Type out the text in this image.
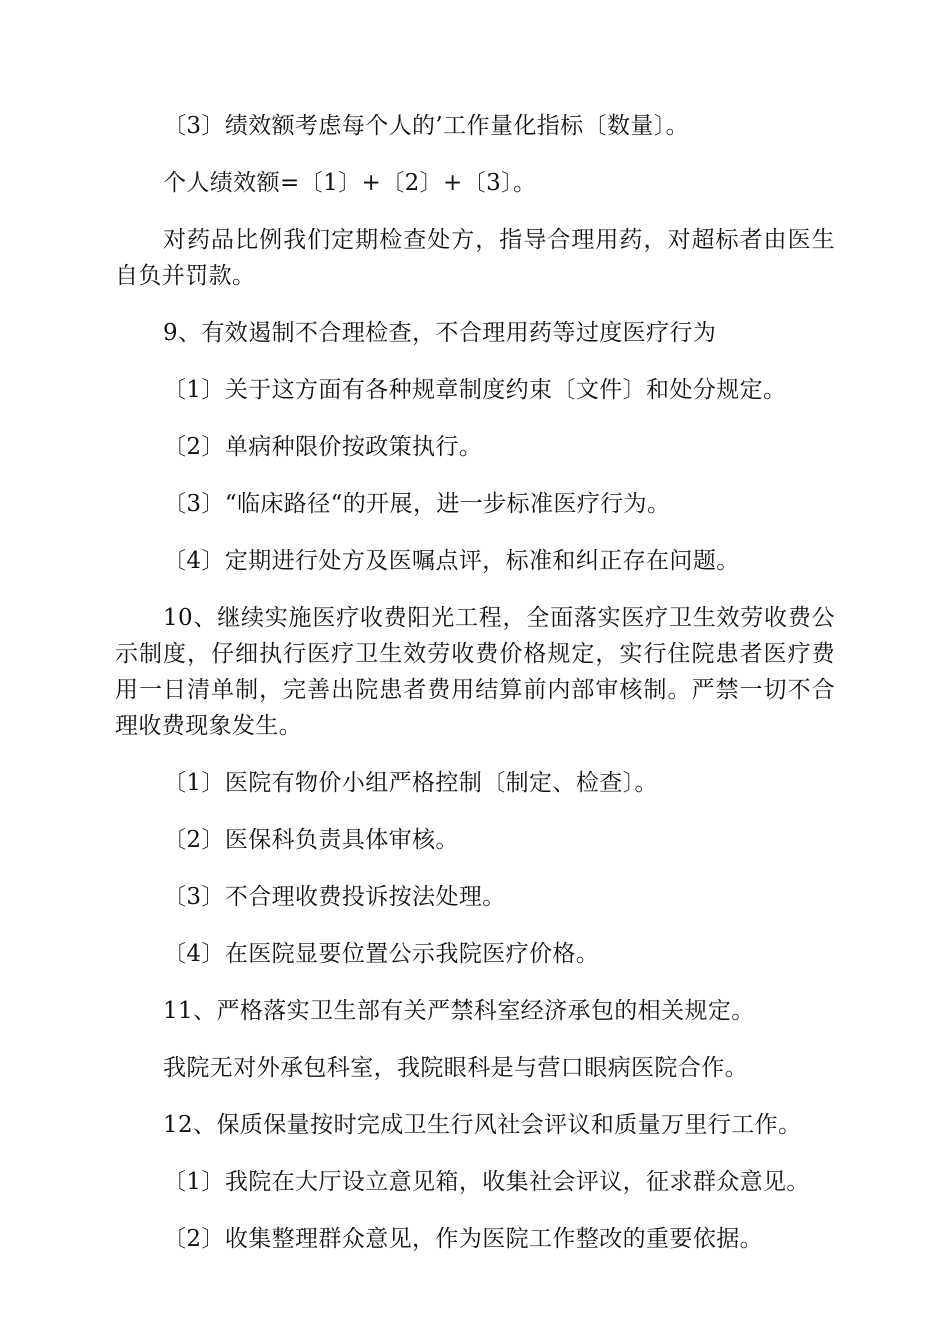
〔3〕绩效额考虑每个人的’工作量化指标〔数量〕。

个人绩效额=〔1〕+〔2〕+〔3〕。

对药品比例我们定期检查处方，指导合理用药，对超标者由医生自负并罚款。

9、有效遏制不合理检查，不合理用药等过度医疗行为

〔1〕关于这方面有各种规章制度约束〔文件〕和处分规定。

〔2〕单病种限价按政策执行。

〔3〕“临床路径“的开展，进一步标准医疗行为。

〔4〕定期进行处方及医嘱点评，标准和纠正存在问题。

10、继续实施医疗收费阳光工程，全面落实医疗卫生效劳收费公示制度，仔细执行医疗卫生效劳收费价格规定，实行住院患者医疗费用一日清单制，完善出院患者费用结算前内部审核制。严禁一切不合理收费现象发生。

〔1〕医院有物价小组严格控制〔制定、检查〕。

〔2〕医保科负责具体审核。

〔3〕不合理收费投诉按法处理。

〔4〕在医院显要位置公示我院医疗价格。

11、严格落实卫生部有关严禁科室经济承包的相关规定。

我院无对外承包科室，我院眼科是与营口眼病医院合作。

12、保质保量按时完成卫生行风社会评议和质量万里行工作。

〔1〕我院在大厅设立意见箱，收集社会评议，征求群众意见。

〔2〕收集整理群众意见，作为医院工作整改的重要依据。
